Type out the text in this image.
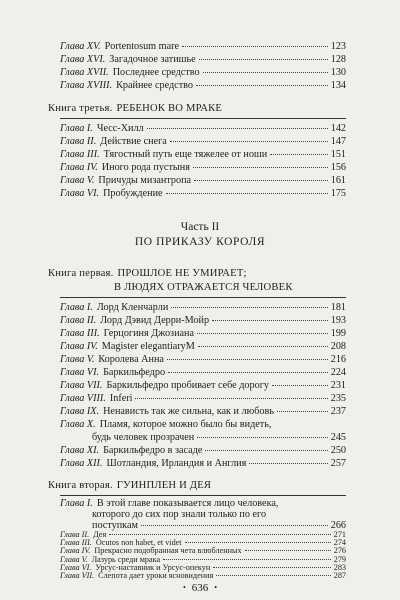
Глава XV. Portentosum mare	123
Глава XVI. Загадочное затишье	128
Глава XVII. Последнее средство	130
Глава XVIII. Крайнее средство	134
Книга третья. РЕБЕНОК ВО МРАКЕ
Глава I. Чесс-Хилл	142
Глава II. Действие снега	147
Глава III. Тягостный путь еще тяжелее от ноши	151
Глава IV. Иного рода пустыня	156
Глава V. Причуды мизантропа	161
Глава VI. Пробуждение	175
Часть II
ПО ПРИКАЗУ КОРОЛЯ
Книга первая. ПРОШЛОЕ НЕ УМИРАЕТ;
В ЛЮДЯХ ОТРАЖАЕТСЯ ЧЕЛОВЕК
Глава I. Лорд Кленчарли	181
Глава II. Лорд Дэвид Дерри-Мойр	193
Глава III. Герцогиня Джозиана	199
Глава IV. Magister elegantiarуM	208
Глава V. Королева Анна	216
Глава VI. Баркильфедро	224
Глава VII. Баркильфедро пробивает себе дорогу	231
Глава VIII. Inferi	235
Глава IX. Ненависть так же сильна, как и любовь	237
Глава X. Пламя, которое можно было бы видеть,
будь человек прозрачен	245
Глава XI. Баркильфедро в засаде	250
Глава XII. Шотландия, Ирландия и Англия	257
Книга вторая. ГУИНПЛЕН И ДЕЯ
Глава I. В этой главе показывается лицо человека,
которого до сих пор знали только по его
поступкам	266
• 636 •
Глава II. Дея	271
Глава III. Ocutos non habet, et videt	274
Глава IV. Прекрасно подобранная чета влюбленных	276
Глава V. Лазурь среди мрака	279
Глава VI. Урсус-наставник и Урсус-опекун	283
Глава VII. Слепота дает уроки ясновидения	287
